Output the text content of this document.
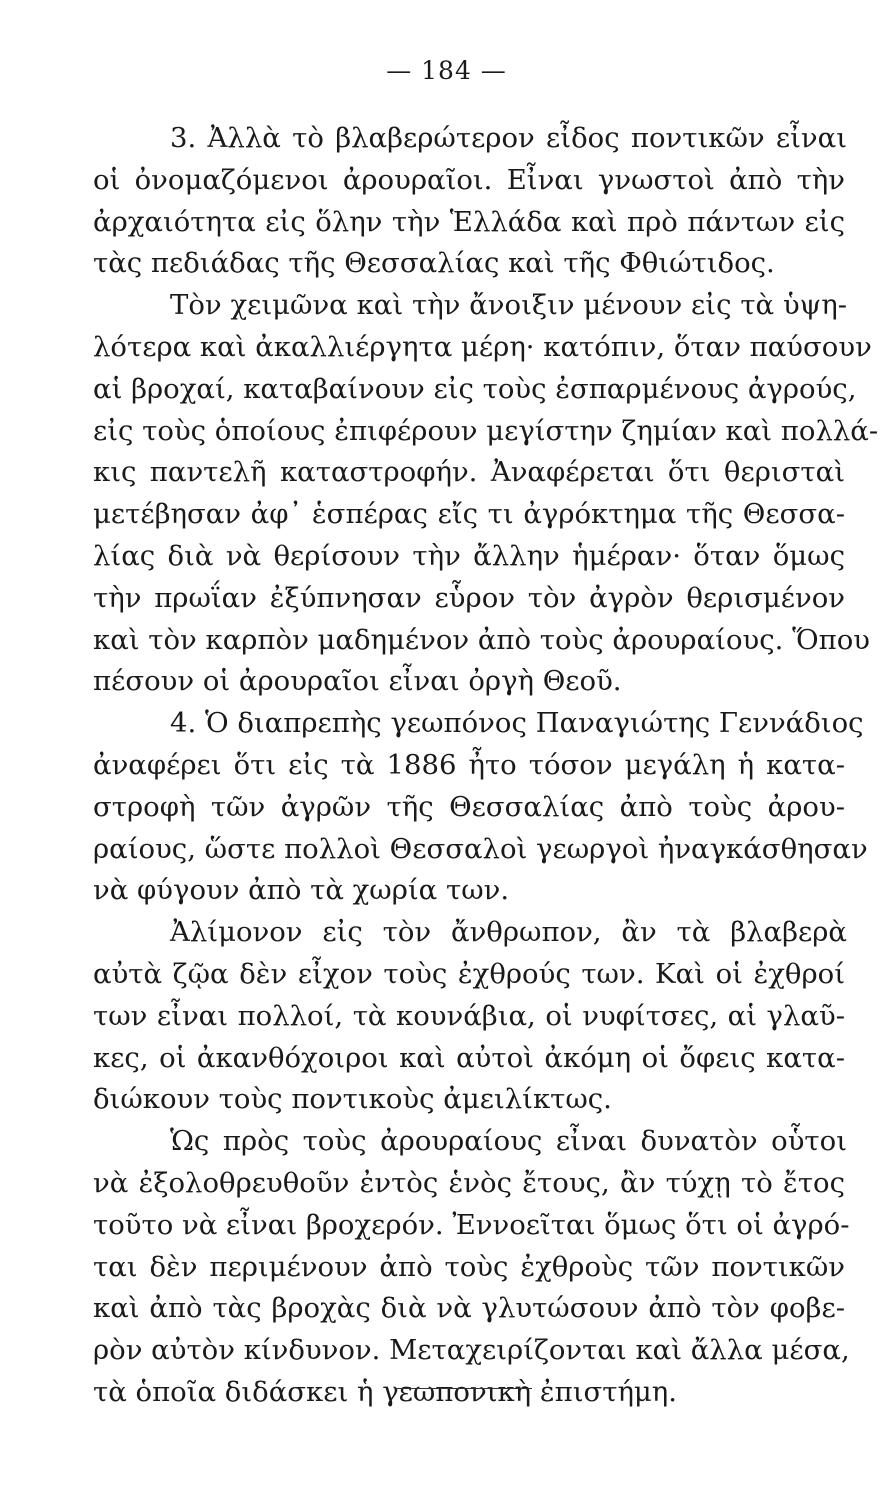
— 184 —
3. Ἀλλὰ τὸ βλαβερώτερον εἶδος ποντικῶν εἶναι
οἱ ὀνομαζόμενοι ἀρουραῖοι. Εἶναι γνωστοὶ ἀπὸ τὴν
ἀρχαιότητα εἰς ὅλην τὴν Ἑλλάδα καὶ πρὸ πάντων εἰς
τὰς πεδιάδας τῆς Θεσσαλίας καὶ τῆς Φθιώτιδος.
Τὸν χειμῶνα καὶ τὴν ἄνοιξιν μένουν εἰς τὰ ὑψη-
λότερα καὶ ἀκαλλιέργητα μέρη· κατόπιν, ὅταν παύσουν
αἱ βροχαί, καταβαίνουν εἰς τοὺς ἐσπαρμένους ἀγρούς,
εἰς τοὺς ὁποίους ἐπιφέρουν μεγίστην ζημίαν καὶ πολλά-
κις παντελῆ καταστροφήν. Ἀναφέρεται ὅτι θερισταὶ
μετέβησαν ἀφ᾽ ἑσπέρας εἴς τι ἀγρόκτημα τῆς Θεσσα-
λίας διὰ νὰ θερίσουν τὴν ἄλλην ἡμέραν· ὅταν ὅμως
τὴν πρωΐαν ἐξύπνησαν εὗρον τὸν ἀγρὸν θερισμένον
καὶ τὸν καρπὸν μαδημένον ἀπὸ τοὺς ἀρουραίους. Ὅπου
πέσουν οἱ ἀρουραῖοι εἶναι ὀργὴ Θεοῦ.
4. Ὁ διαπρεπὴς γεωπόνος Παναγιώτης Γεννάδιος
ἀναφέρει ὅτι εἰς τὰ 1886 ἦτο τόσον μεγάλη ἡ κατα-
στροφὴ τῶν ἀγρῶν τῆς Θεσσαλίας ἀπὸ τοὺς ἀρου-
ραίους, ὥστε πολλοὶ Θεσσαλοὶ γεωργοὶ ἠναγκάσθησαν
νὰ φύγουν ἀπὸ τὰ χωρία των.
Ἀλίμονον εἰς τὸν ἄνθρωπον, ἂν τὰ βλαβερὰ
αὐτὰ ζῷα δὲν εἶχον τοὺς ἐχθρούς των. Καὶ οἱ ἐχθροί
των εἶναι πολλοί, τὰ κουνάβια, οἱ νυφίτσες, αἱ γλαῦ-
κες, οἱ ἀκανθόχοιροι καὶ αὐτοὶ ἀκόμη οἱ ὄφεις κατα-
διώκουν τοὺς ποντικοὺς ἀμειλίκτως.
Ὡς πρὸς τοὺς ἀρουραίους εἶναι δυνατὸν οὗτοι
νὰ ἐξολοθρευθοῦν ἐντὸς ἑνὸς ἔτους, ἂν τύχῃ τὸ ἔτος
τοῦτο νὰ εἶναι βροχερόν. Ἐννοεῖται ὅμως ὅτι οἱ ἀγρό-
ται δὲν περιμένουν ἀπὸ τοὺς ἐχθροὺς τῶν ποντικῶν
καὶ ἀπὸ τὰς βροχὰς διὰ νὰ γλυτώσουν ἀπὸ τὸν φοβε-
ρὸν αὐτὸν κίνδυνον. Μεταχειρίζονται καὶ ἄλλα μέσα,
τὰ ὁποῖα διδάσκει ἡ γεωπονικὴ ἐπιστήμη.
